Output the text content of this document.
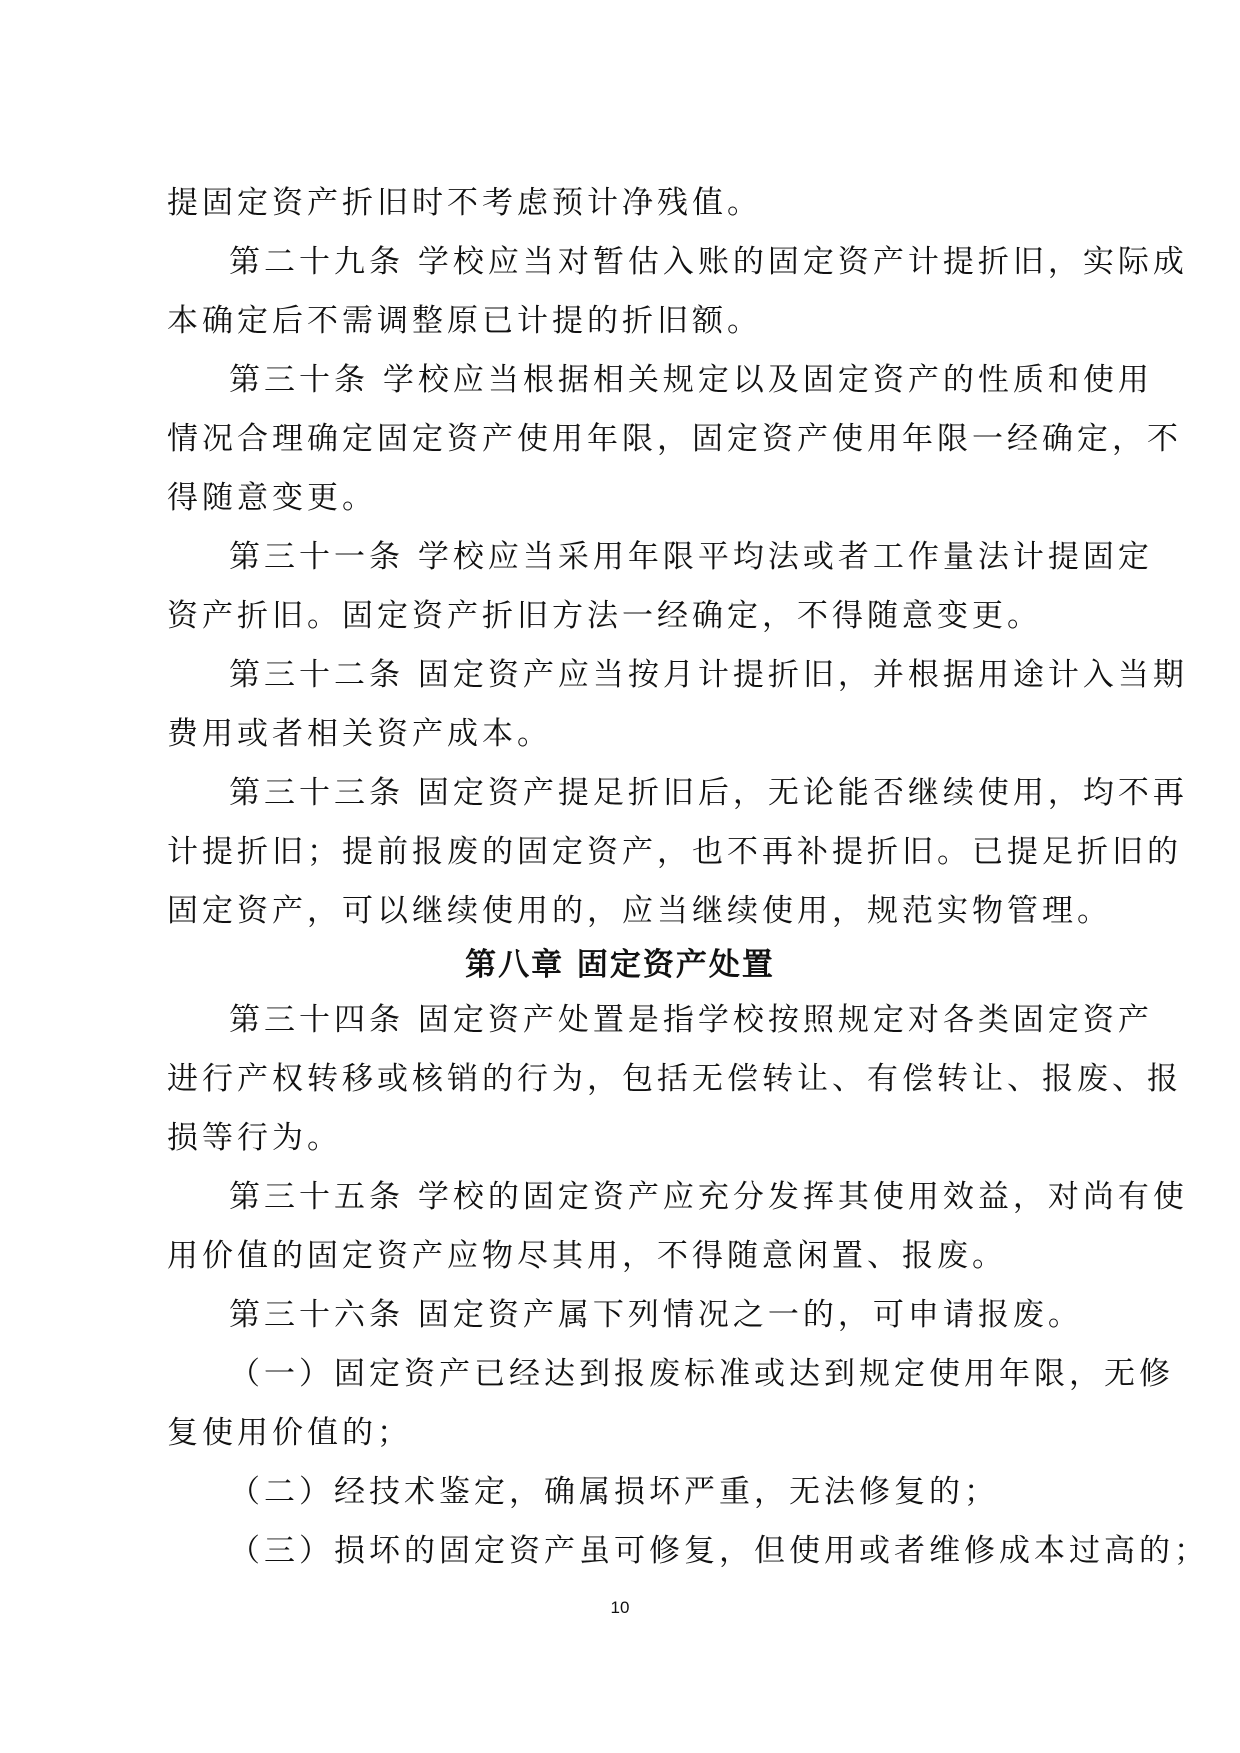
提固定资产折旧时不考虑预计净残值。
第二十九条 学校应当对暂估入账的固定资产计提折旧，实际成
本确定后不需调整原已计提的折旧额。
第三十条 学校应当根据相关规定以及固定资产的性质和使用
情况合理确定固定资产使用年限，固定资产使用年限一经确定，不
得随意变更。
第三十一条 学校应当采用年限平均法或者工作量法计提固定
资产折旧。固定资产折旧方法一经确定，不得随意变更。
第三十二条 固定资产应当按月计提折旧，并根据用途计入当期
费用或者相关资产成本。
第三十三条 固定资产提足折旧后，无论能否继续使用，均不再
计提折旧；提前报废的固定资产，也不再补提折旧。已提足折旧的
固定资产，可以继续使用的，应当继续使用，规范实物管理。
第八章 固定资产处置
第三十四条 固定资产处置是指学校按照规定对各类固定资产
进行产权转移或核销的行为，包括无偿转让、有偿转让、报废、报
损等行为。
第三十五条 学校的固定资产应充分发挥其使用效益，对尚有使
用价值的固定资产应物尽其用，不得随意闲置、报废。
第三十六条 固定资产属下列情况之一的，可申请报废。
（一）固定资产已经达到报废标准或达到规定使用年限，无修
复使用价值的；
（二）经技术鉴定，确属损坏严重，无法修复的；
（三）损坏的固定资产虽可修复，但使用或者维修成本过高的；
10
